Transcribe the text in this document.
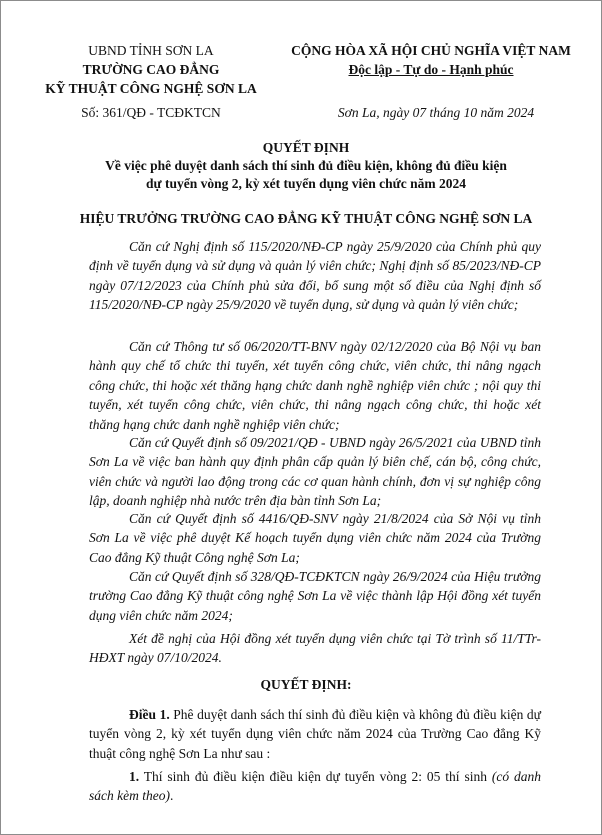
UBND TỈNH SƠN LA
TRƯỜNG CAO ĐẲNG
KỸ THUẬT CÔNG NGHỆ SƠN LA
CỘNG HÒA XÃ HỘI CHỦ NGHĨA VIỆT NAM
Độc lập - Tự do - Hạnh phúc
Số: 361/QĐ - TCĐKTCN	Sơn La, ngày 07 tháng 10 năm 2024
QUYẾT ĐỊNH
Về việc phê duyệt danh sách thí sinh đủ điều kiện, không đủ điều kiện
dự tuyển vòng 2, kỳ xét tuyển dụng viên chức năm 2024
HIỆU TRƯỞNG TRƯỜNG CAO ĐẲNG KỸ THUẬT CÔNG NGHỆ SƠN LA
Căn cứ Nghị định số 115/2020/NĐ-CP ngày 25/9/2020 của Chính phủ quy định về tuyển dụng và sử dụng và quản lý viên chức; Nghị định số 85/2023/NĐ-CP ngày 07/12/2023 của Chính phủ sửa đổi, bổ sung một số điều của Nghị định số 115/2020/NĐ-CP ngày 25/9/2020 về tuyển dụng, sử dụng và quản lý viên chức;
Căn cứ Thông tư số 06/2020/TT-BNV ngày 02/12/2020 của Bộ Nội vụ ban hành quy chế tổ chức thi tuyển, xét tuyển công chức, viên chức, thi nâng ngạch công chức, thi hoặc xét thăng hạng chức danh nghề nghiệp viên chức ; nội quy thi tuyển, xét tuyển công chức, viên chức, thi nâng ngạch công chức, thi hoặc xét thăng hạng chức danh nghề nghiệp viên chức;
Căn cứ Quyết định số 09/2021/QĐ - UBND ngày 26/5/2021 của UBND tỉnh Sơn La về việc ban hành quy định phân cấp quản lý biên chế, cán bộ, công chức, viên chức và người lao động trong các cơ quan hành chính, đơn vị sự nghiệp công lập, doanh nghiệp nhà nước trên địa bàn tỉnh Sơn La;
Căn cứ Quyết định số 4416/QĐ-SNV ngày 21/8/2024 của Sở Nội vụ tỉnh Sơn La về việc phê duyệt Kế hoạch tuyển dụng viên chức năm 2024 của Trường Cao đẳng Kỹ thuật Công nghệ Sơn La;
Căn cứ Quyết định số 328/QĐ-TCĐKTCN ngày 26/9/2024 của Hiệu trưởng trường Cao đẳng Kỹ thuật công nghệ Sơn La về việc thành lập Hội đồng xét tuyển dụng viên chức năm 2024;
Xét đề nghị của Hội đồng xét tuyển dụng viên chức tại Tờ trình số 11/TTr-HĐXT ngày 07/10/2024.
QUYẾT ĐỊNH:
Điều 1. Phê duyệt danh sách thí sinh đủ điều kiện và không đủ điều kiện dự tuyển vòng 2, kỳ xét tuyển dụng viên chức năm 2024 của Trường Cao đẳng Kỹ thuật công nghệ Sơn La như sau :
1. Thí sinh đủ điều kiện điều kiện dự tuyển vòng 2: 05 thí sinh (có danh sách kèm theo).
